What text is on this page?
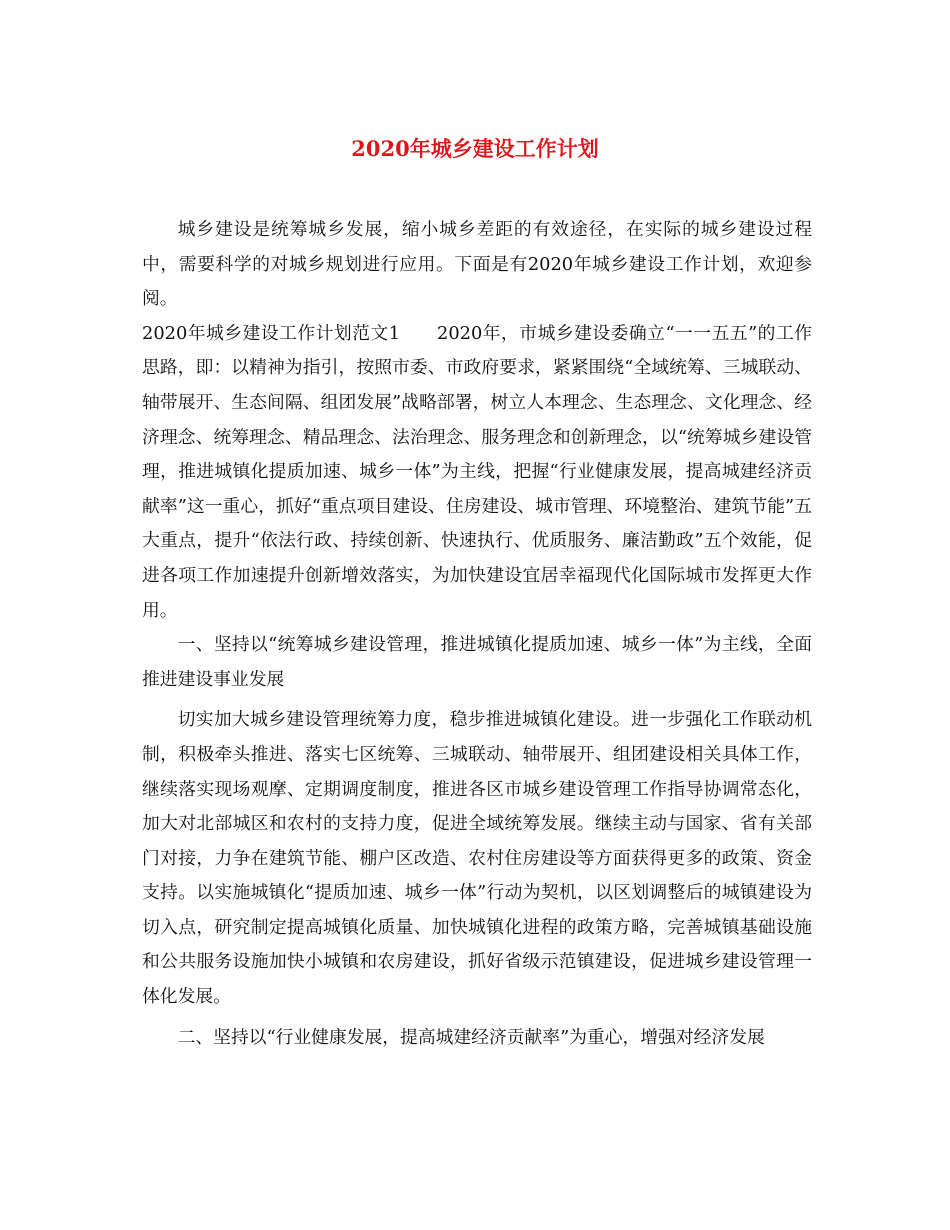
2020年城乡建设工作计划

城乡建设是统筹城乡发展，缩小城乡差距的有效途径，在实际的城乡建设过程中，需要科学的对城乡规划进行应用。下面是有2020年城乡建设工作计划，欢迎参阅。

2020年城乡建设工作计划范文1　　2020年，市城乡建设委确立“一一五五”的工作思路，即：以精神为指引，按照市委、市政府要求，紧紧围绕“全域统筹、三城联动、轴带展开、生态间隔、组团发展”战略部署，树立人本理念、生态理念、文化理念、经济理念、统筹理念、精品理念、法治理念、服务理念和创新理念，以“统筹城乡建设管理，推进城镇化提质加速、城乡一体”为主线，把握“行业健康发展，提高城建经济贡献率”这一重心，抓好“重点项目建设、住房建设、城市管理、环境整治、建筑节能”五大重点，提升“依法行政、持续创新、快速执行、优质服务、廉洁勤政”五个效能，促进各项工作加速提升创新增效落实，为加快建设宜居幸福现代化国际城市发挥更大作用。

一、坚持以“统筹城乡建设管理，推进城镇化提质加速、城乡一体”为主线，全面推进建设事业发展

切实加大城乡建设管理统筹力度，稳步推进城镇化建设。进一步强化工作联动机制，积极牵头推进、落实七区统筹、三城联动、轴带展开、组团建设相关具体工作，继续落实现场观摩、定期调度制度，推进各区市城乡建设管理工作指导协调常态化，加大对北部城区和农村的支持力度，促进全域统筹发展。继续主动与国家、省有关部门对接，力争在建筑节能、棚户区改造、农村住房建设等方面获得更多的政策、资金支持。以实施城镇化“提质加速、城乡一体”行动为契机，以区划调整后的城镇建设为切入点，研究制定提高城镇化质量、加快城镇化进程的政策方略，完善城镇基础设施和公共服务设施加快小城镇和农房建设，抓好省级示范镇建设，促进城乡建设管理一体化发展。

二、坚持以“行业健康发展，提高城建经济贡献率”为重心，增强对经济发展
